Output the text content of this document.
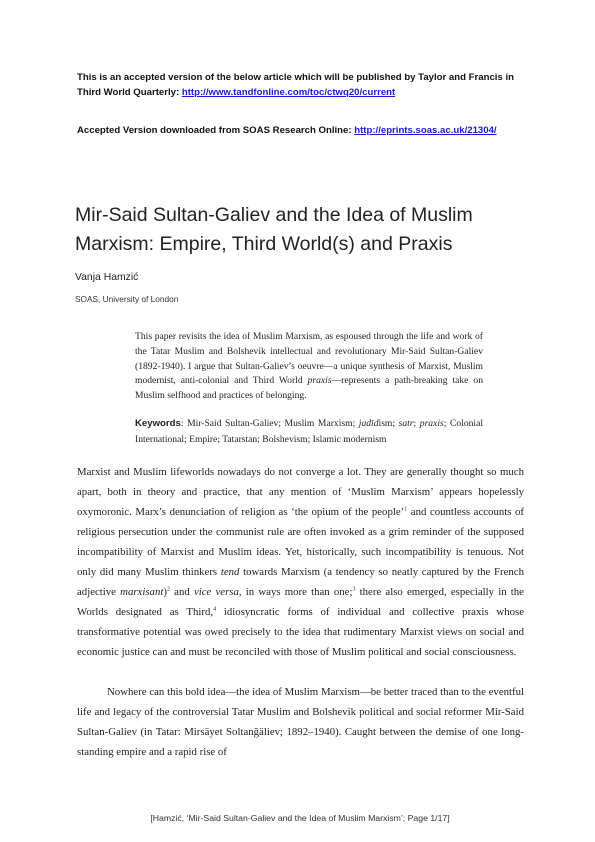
This is an accepted version of the below article which will be published by Taylor and Francis in Third World Quarterly: http://www.tandfonline.com/toc/ctwq20/current
Accepted Version downloaded from SOAS Research Online: http://eprints.soas.ac.uk/21304/
Mir-Said Sultan-Galiev and the Idea of Muslim Marxism: Empire, Third World(s) and Praxis
Vanja Hamzić
SOAS, University of London
This paper revisits the idea of Muslim Marxism, as espoused through the life and work of the Tatar Muslim and Bolshevik intellectual and revolutionary Mir-Said Sultan-Galiev (1892-1940). I argue that Sultan-Galiev’s oeuvre—a unique synthesis of Marxist, Muslim modernist, anti-colonial and Third World praxis—represents a path-breaking take on Muslim selfhood and practices of belonging.
Keywords: Mir-Said Sultan-Galiev; Muslim Marxism; jadīdism; satr; praxis; Colonial International; Empire; Tatarstan; Bolshevism; Islamic modernism
Marxist and Muslim lifeworlds nowadays do not converge a lot. They are generally thought so much apart, both in theory and practice, that any mention of ‘Muslim Marxism’ appears hopelessly oxymoronic. Marx’s denunciation of religion as ‘the opium of the people’$^1$ and countless accounts of religious persecution under the communist rule are often invoked as a grim reminder of the supposed incompatibility of Marxist and Muslim ideas. Yet, historically, such incompatibility is tenuous. Not only did many Muslim thinkers tend towards Marxism (a tendency so neatly captured by the French adjective marxisant)$^2$ and vice versa, in ways more than one;$^3$ there also emerged, especially in the Worlds designated as Third,$^4$ idiosyncratic forms of individual and collective praxis whose transformative potential was owed precisely to the idea that rudimentary Marxist views on social and economic justice can and must be reconciled with those of Muslim political and social consciousness.
Nowhere can this bold idea—the idea of Muslim Marxism—be better traced than to the eventful life and legacy of the controversial Tatar Muslim and Bolshevik political and social reformer Mir-Said Sultan-Galiev (in Tatar: Mirsäyet Soltanğäliev; 1892–1940). Caught between the demise of one long-standing empire and a rapid rise of
[Hamzić, ‘Mir-Said Sultan-Galiev and the Idea of Muslim Marxism’; Page 1/17]
